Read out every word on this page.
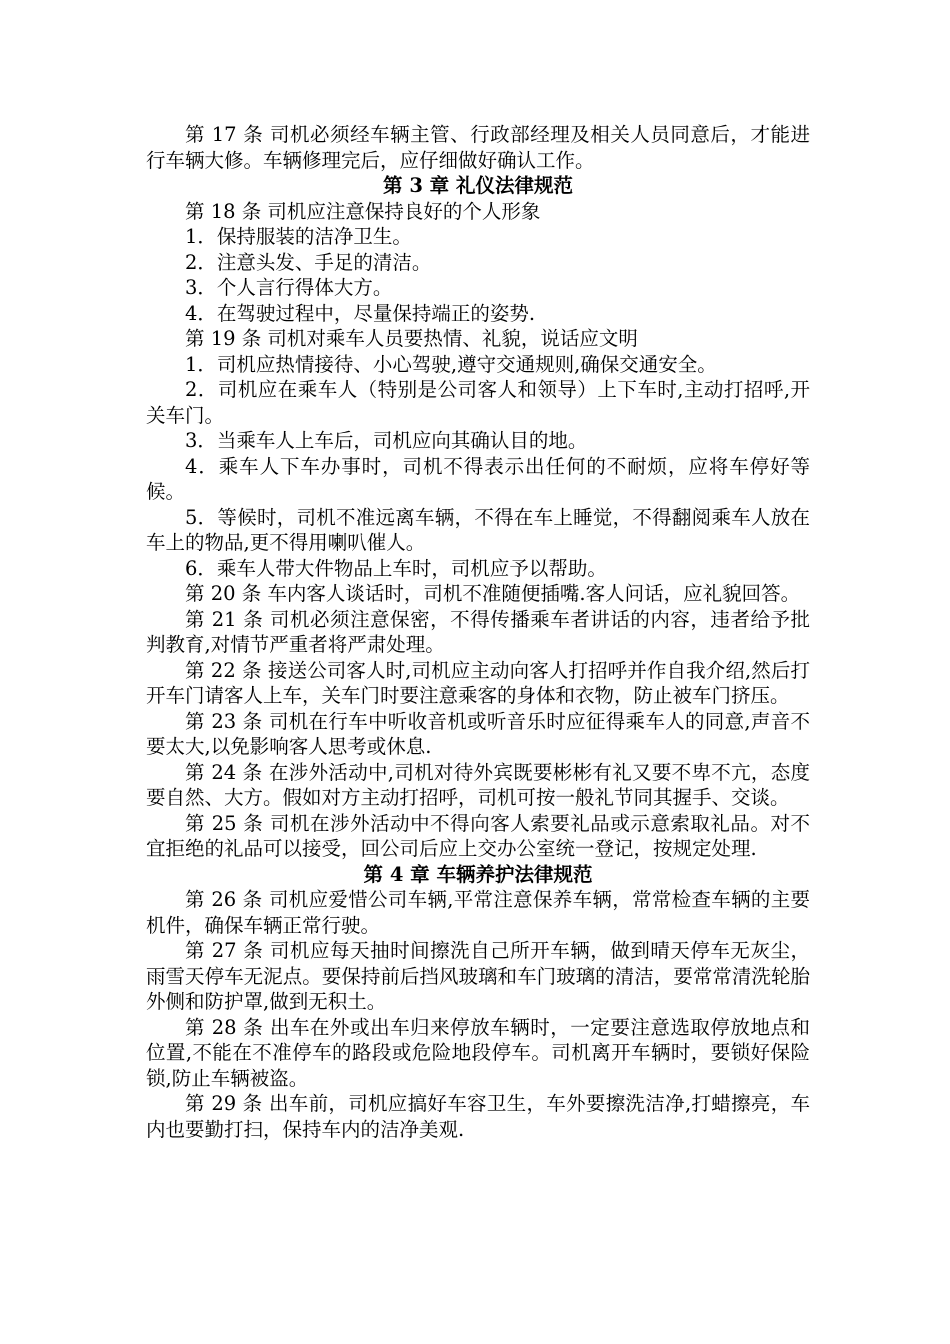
第 17 条 司机必须经车辆主管、行政部经理及相关人员同意后，才能进行车辆大修。车辆修理完后，应仔细做好确认工作。

第 3 章 礼仪法律规范

第 18 条 司机应注意保持良好的个人形象

1．保持服装的洁净卫生。

2．注意头发、手足的清洁。

3．个人言行得体大方。

4．在驾驶过程中，尽量保持端正的姿势.

第 19 条 司机对乘车人员要热情、礼貌，说话应文明

1．司机应热情接待、小心驾驶,遵守交通规则,确保交通安全。

2．司机应在乘车人（特别是公司客人和领导）上下车时,主动打招呼,开关车门。

3．当乘车人上车后，司机应向其确认目的地。

4．乘车人下车办事时，司机不得表示出任何的不耐烦，应将车停好等候。

5．等候时，司机不准远离车辆，不得在车上睡觉，不得翻阅乘车人放在车上的物品,更不得用喇叭催人。

6．乘车人带大件物品上车时，司机应予以帮助。

第 20 条 车内客人谈话时，司机不准随便插嘴.客人问话，应礼貌回答。

第 21 条 司机必须注意保密，不得传播乘车者讲话的内容，违者给予批判教育,对情节严重者将严肃处理。

第 22 条 接送公司客人时,司机应主动向客人打招呼并作自我介绍,然后打开车门请客人上车，关车门时要注意乘客的身体和衣物，防止被车门挤压。

第 23 条 司机在行车中听收音机或听音乐时应征得乘车人的同意,声音不要太大,以免影响客人思考或休息.

第 24 条 在涉外活动中,司机对待外宾既要彬彬有礼又要不卑不亢，态度要自然、大方。假如对方主动打招呼，司机可按一般礼节同其握手、交谈。

第 25 条 司机在涉外活动中不得向客人索要礼品或示意索取礼品。对不宜拒绝的礼品可以接受，回公司后应上交办公室统一登记，按规定处理.

第 4 章 车辆养护法律规范

第 26 条 司机应爱惜公司车辆,平常注意保养车辆，常常检查车辆的主要机件，确保车辆正常行驶。

第 27 条 司机应每天抽时间擦洗自己所开车辆，做到晴天停车无灰尘，雨雪天停车无泥点。要保持前后挡风玻璃和车门玻璃的清洁，要常常清洗轮胎外侧和防护罩,做到无积土。

第 28 条 出车在外或出车归来停放车辆时，一定要注意选取停放地点和位置,不能在不准停车的路段或危险地段停车。司机离开车辆时，要锁好保险锁,防止车辆被盗。

第 29 条 出车前，司机应搞好车容卫生，车外要擦洗洁净,打蜡擦亮，车内也要勤打扫，保持车内的洁净美观.
